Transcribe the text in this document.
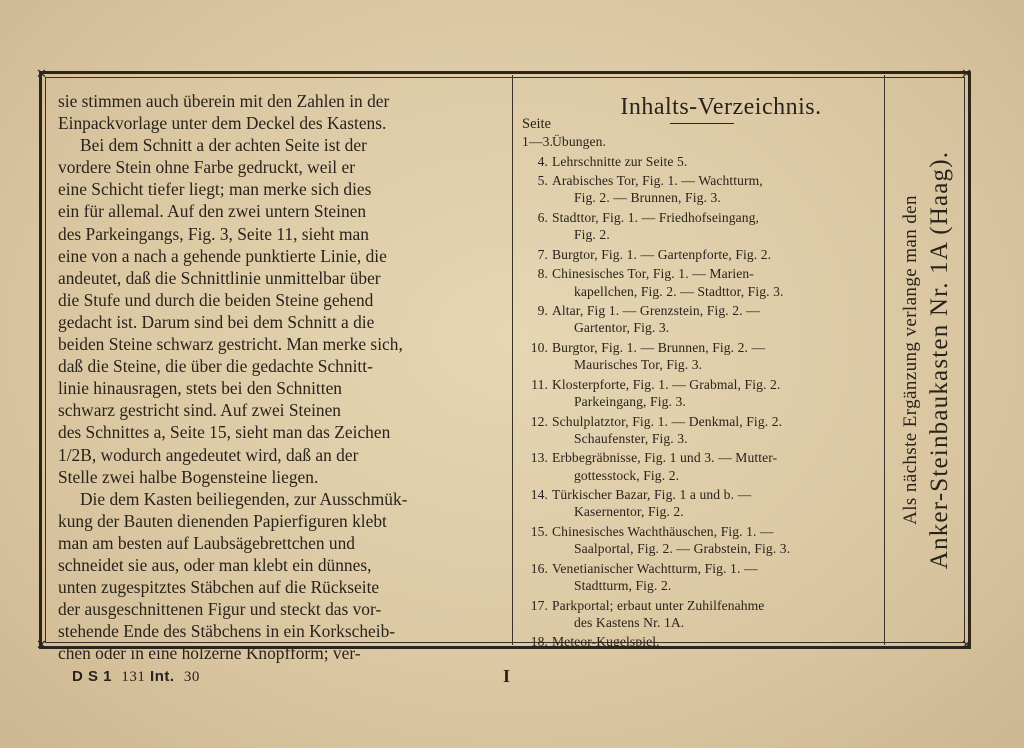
✕	✕
✕	✕
sie stimmen auch überein mit den Zahlen in der
Einpackvorlage unter dem Deckel des Kastens.
Bei dem Schnitt a der achten Seite ist der
vordere Stein ohne Farbe gedruckt, weil er
eine Schicht tiefer liegt; man merke sich dies
ein für allemal. Auf den zwei untern Steinen
des Parkeingangs, Fig. 3, Seite 11, sieht man
eine von a nach a gehende punktierte Linie, die
andeutet, daß die Schnittlinie unmittelbar über
die Stufe und durch die beiden Steine gehend
gedacht ist. Darum sind bei dem Schnitt a die
beiden Steine schwarz gestricht. Man merke sich,
daß die Steine, die über die gedachte Schnitt-
linie hinausragen, stets bei den Schnitten
schwarz gestricht sind. Auf zwei Steinen
des Schnittes a, Seite 15, sieht man das Zeichen
1/2B, wodurch angedeutet wird, daß an der
Stelle zwei halbe Bogensteine liegen.
Die dem Kasten beiliegenden, zur Ausschmük-
kung der Bauten dienenden Papierfiguren klebt
man am besten auf Laubsägebrettchen und
schneidet sie aus, oder man klebt ein dünnes,
unten zugespitztes Stäbchen auf die Rückseite
der ausgeschnittenen Figur und steckt das vor-
stehende Ende des Stäbchens in ein Korkscheib-
chen oder in eine hölzerne Knopfform; ver-
Inhalts-Verzeichnis.
Seite
1—3. Übungen.
4. Lehrschnitte zur Seite 5.
5. Arabisches Tor, Fig. 1. — Wachtturm,
Fig. 2. — Brunnen, Fig. 3.
6. Stadttor, Fig. 1. — Friedhofseingang,
Fig. 2.
7. Burgtor, Fig. 1. — Gartenpforte, Fig. 2.
8. Chinesisches Tor, Fig. 1. — Marien-
kapellchen, Fig. 2. — Stadttor, Fig. 3.
9. Altar, Fig 1. — Grenzstein, Fig. 2. —
Gartentor, Fig. 3.
10. Burgtor, Fig. 1. — Brunnen, Fig. 2. —
Maurisches Tor, Fig. 3.
11. Klosterpforte, Fig. 1. — Grabmal, Fig. 2.
Parkeingang, Fig. 3.
12. Schulplatztor, Fig. 1. — Denkmal, Fig. 2.
Schaufenster, Fig. 3.
13. Erbbegräbnisse, Fig. 1 und 3. — Mutter-
gottesstock, Fig. 2.
14. Türkischer Bazar, Fig. 1 a und b. —
Kasernentor, Fig. 2.
15. Chinesisches Wachthäuschen, Fig. 1. —
Saalportal, Fig. 2. — Grabstein, Fig. 3.
16. Venetianischer Wachtturm, Fig. 1. —
Stadtturm, Fig. 2.
17. Parkportal; erbaut unter Zuhilfenahme
des Kastens Nr. 1A.
18. Meteor-Kugelspiel.
Als nächste Ergänzung verlange man den Anker-Steinbaukasten Nr. 1A (Haag).
D S 1 131 Int. 30	I
